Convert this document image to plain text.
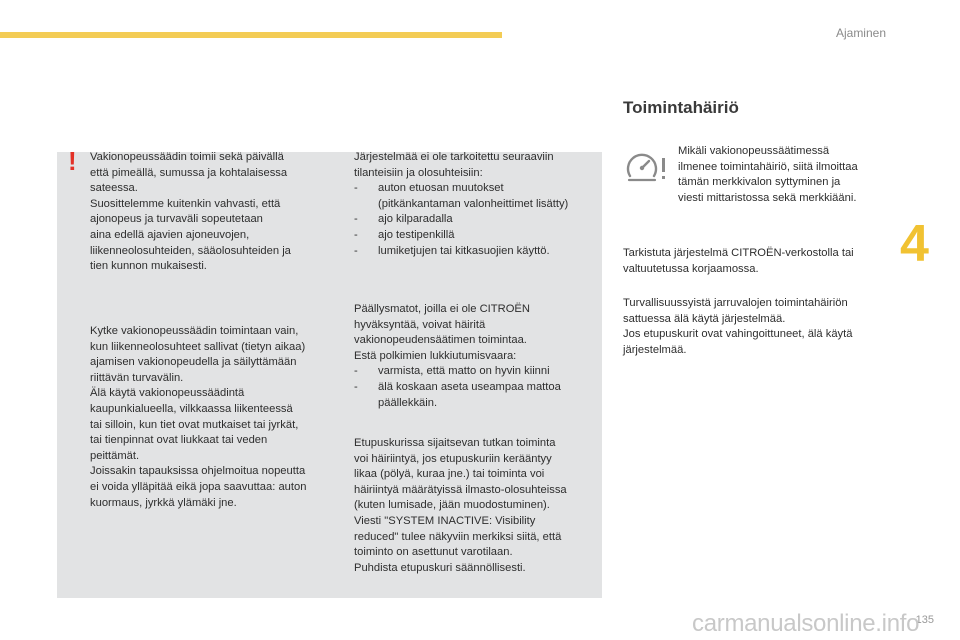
Ajaminen
4
! Vakionopeussäädin toimii sekä päivällä
että pimeällä, sumussa ja kohtalaisessa
sateessa.
Suosittelemme kuitenkin vahvasti, että
ajonopeus ja turvaväli sopeutetaan
aina edellä ajavien ajoneuvojen,
liikenneolosuhteiden, sääolosuhteiden ja
tien kunnon mukaisesti.
Kytke vakionopeussäädin toimintaan vain,
kun liikenneolosuhteet sallivat (tietyn aikaa)
ajamisen vakionopeudella ja säilyttämään
riittävän turvavälin.
Älä käytä vakionopeussäädintä
kaupunkialueella, vilkkaassa liikenteessä
tai silloin, kun tiet ovat mutkaiset tai jyrkät,
tai tienpinnat ovat liukkaat tai veden
peittämät.
Joissakin tapauksissa ohjelmoitua nopeutta
ei voida ylläpitää eikä jopa saavuttaa: auton
kuormaus, jyrkkä ylämäki jne.
Järjestelmää ei ole tarkoitettu seuraaviin
tilanteisiin ja olosuhteisiin:
- auton etuosan muutokset
(pitkänkantaman valonheittimet lisätty)
- ajo kilparadalla
- ajo testipenkillä
- lumiketjujen tai kitkasuojien käyttö.
Päällysmatot, joilla ei ole CITROËN
hyväksyntää, voivat häiritä
vakionopeudensäätimen toimintaa.
Estä polkimien lukkiutumisvaara:
- varmista, että matto on hyvin kiinni
- älä koskaan aseta useampaa mattoa
päällekkäin.
Etupuskurissa sijaitsevan tutkan toiminta
voi häiriintyä, jos etupuskuriin kerääntyy
likaa (pölyä, kuraa jne.) tai toiminta voi
häiriintyä määrätyissä ilmasto-olosuhteissa
(kuten lumisade, jään muodostuminen).
Viesti "SYSTEM INACTIVE: Visibility
reduced" tulee näkyviin merkiksi siitä, että
toiminto on asettunut varotilaan.
Puhdista etupuskuri säännöllisesti.
Toimintahäiriö
Mikäli vakionopeussäätimessä
ilmenee toimintahäiriö, siitä ilmoittaa
tämän merkkivalon syttyminen ja
viesti mittaristossa sekä merkkiääni.
Tarkistuta järjestelmä CITROËN-verkostolla tai
valtuutetussa korjaamossa.
Turvallisuussyistä jarruvalojen toimintahäiriön
sattuessa älä käytä järjestelmää.
Jos etupuskurit ovat vahingoittuneet, älä käytä
järjestelmää.
135
carmanualsonline.info
